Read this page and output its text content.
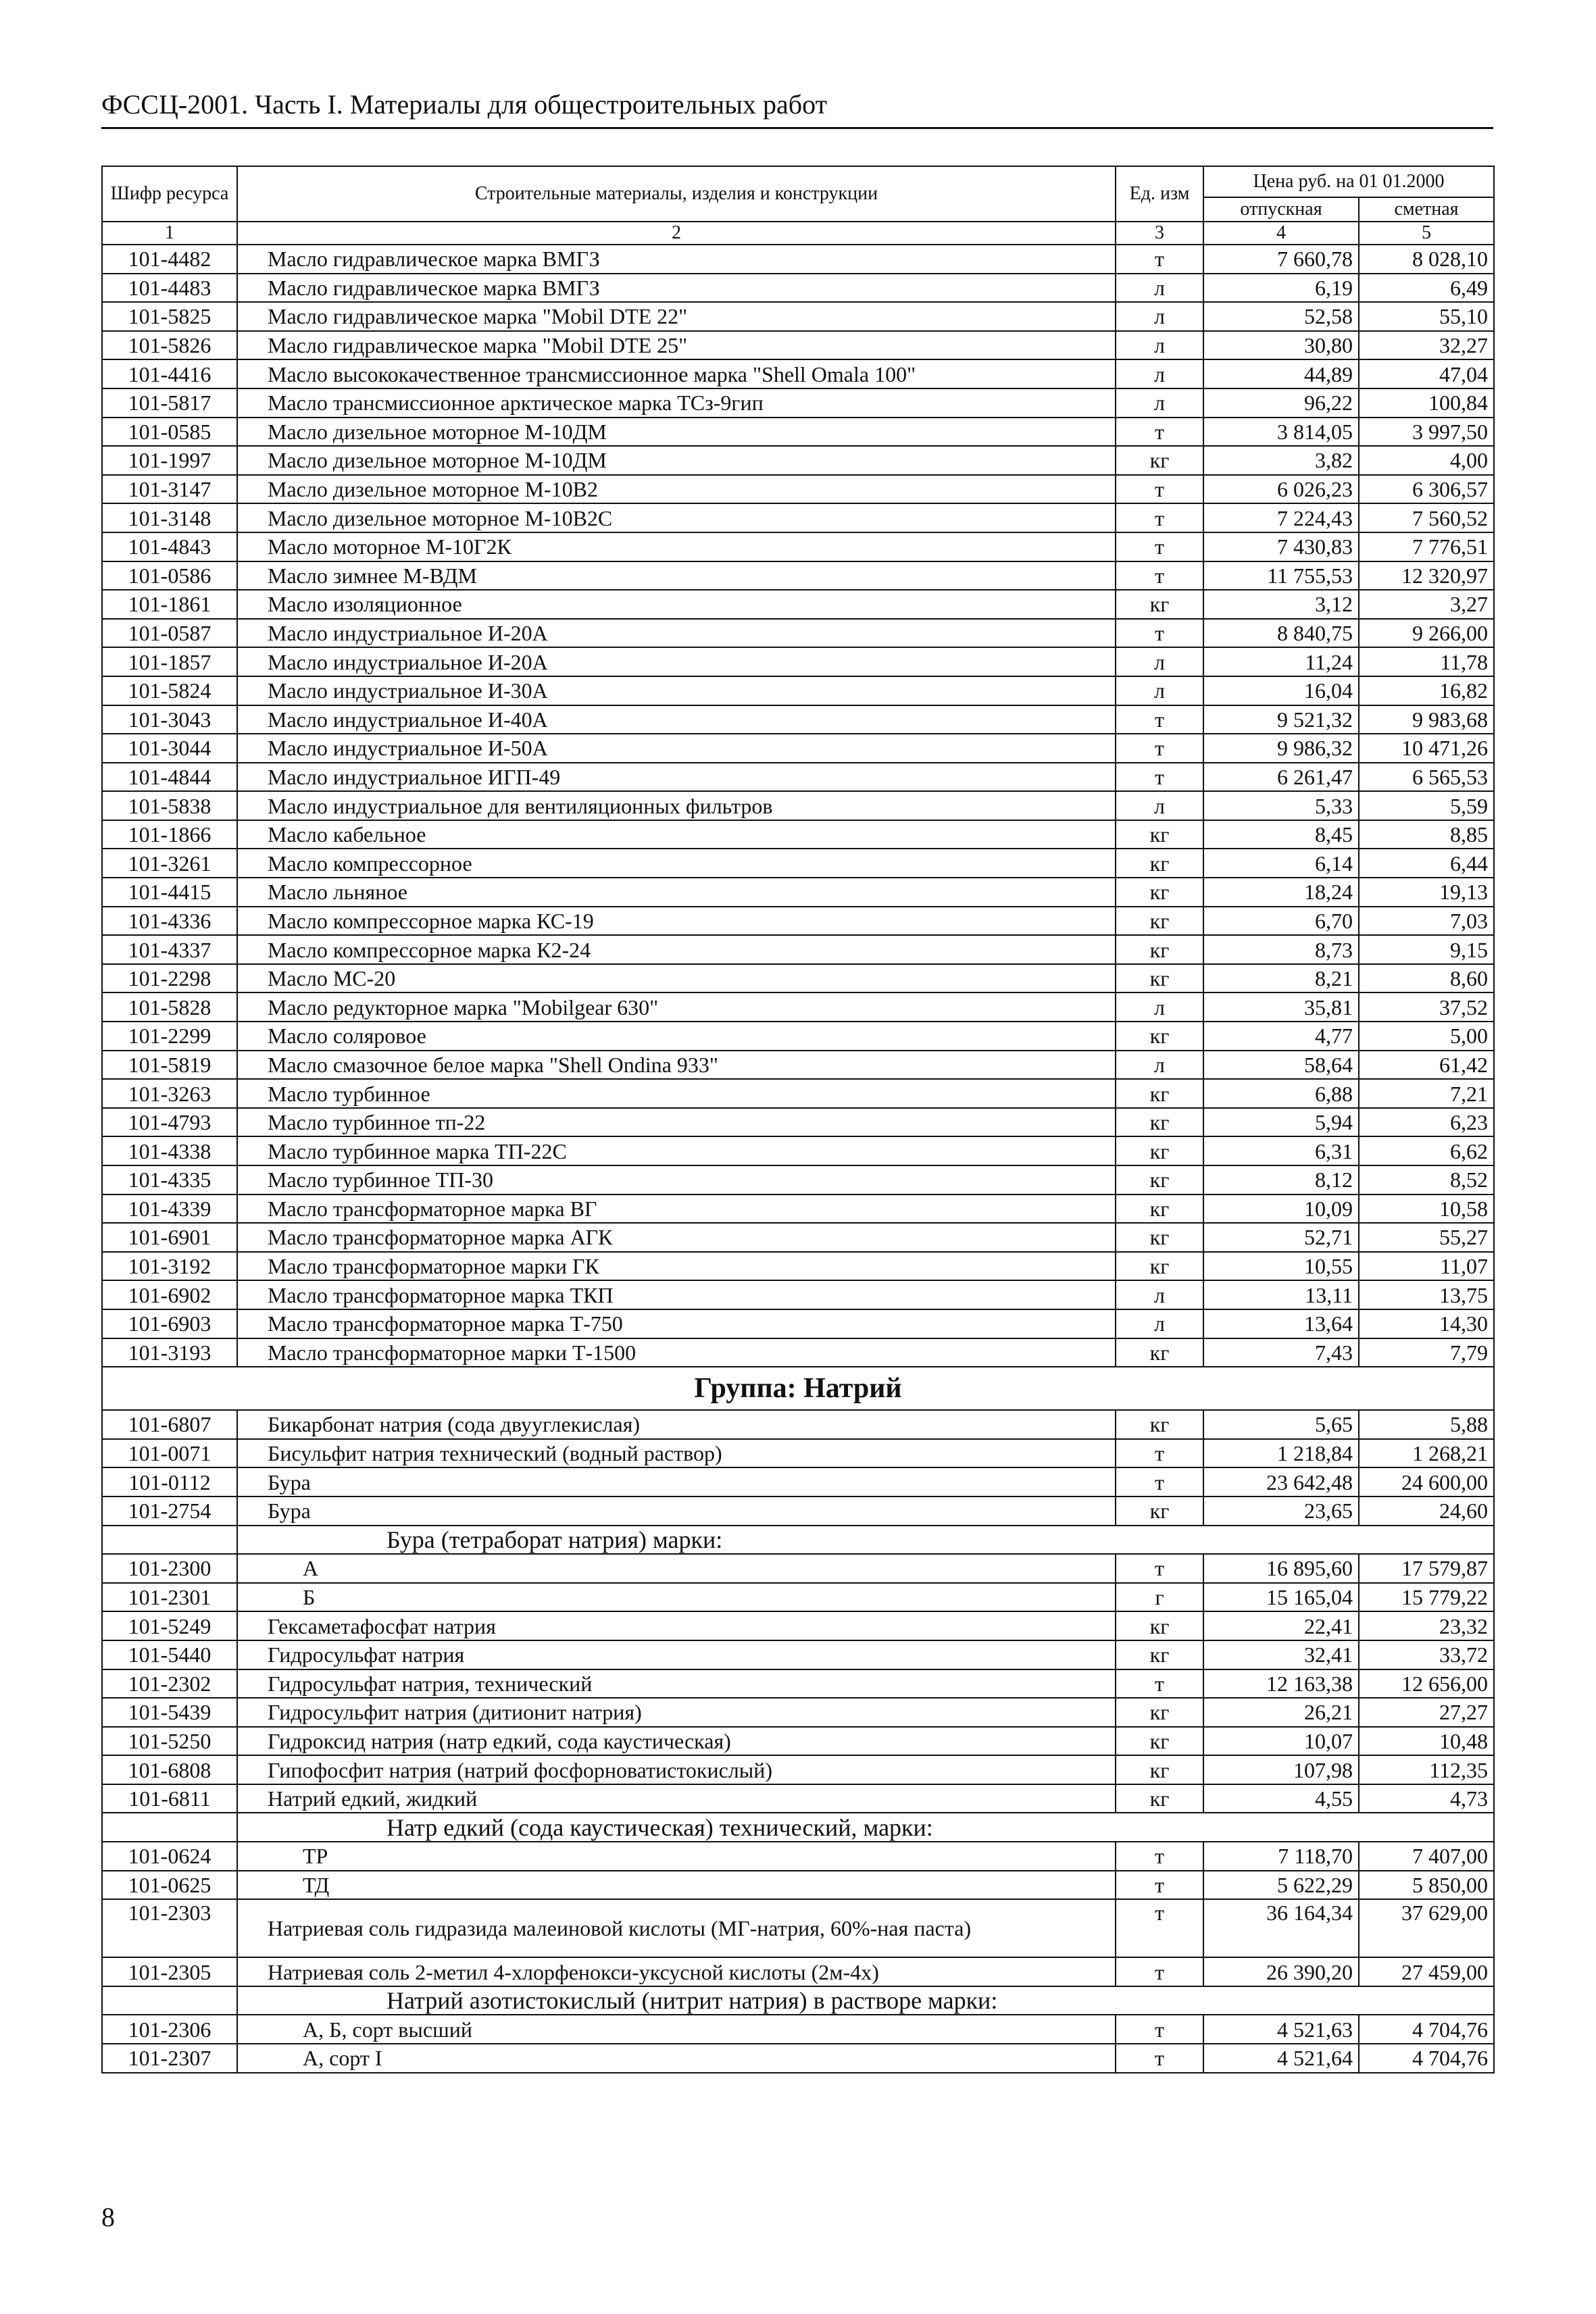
ФССЦ-2001. Часть I. Материалы для общестроительных работ
Шифр ресурса	Строительные материалы, изделия и конструкции	Ед. изм	Цена руб. на 01 01.2000	
			отпускная	сметная
1	2	3	4	5
101-4482	Масло гидравлическое марка ВМГЗ	т	7 660,78	8 028,10
101-4483	Масло гидравлическое марка ВМГЗ	л	6,19	6,49
101-5825	Масло гидравлическое марка "Mobil DTE 22"	л	52,58	55,10
101-5826	Масло гидравлическое марка "Mobil DTE 25"	л	30,80	32,27
101-4416	Масло высококачественное трансмиссионное марка "Shell Omala 100"	л	44,89	47,04
101-5817	Масло трансмиссионное арктическое марка ТСз-9гип	л	96,22	100,84
101-0585	Масло дизельное моторное М-10ДМ	т	3 814,05	3 997,50
101-1997	Масло дизельное моторное М-10ДМ	кг	3,82	4,00
101-3147	Масло дизельное моторное М-10В2	т	6 026,23	6 306,57
101-3148	Масло дизельное моторное М-10В2С	т	7 224,43	7 560,52
101-4843	Масло моторное М-10Г2К	т	7 430,83	7 776,51
101-0586	Масло зимнее М-ВДМ	т	11 755,53	12 320,97
101-1861	Масло изоляционное	кг	3,12	3,27
101-0587	Масло индустриальное И-20А	т	8 840,75	9 266,00
101-1857	Масло индустриальное И-20А	л	11,24	11,78
101-5824	Масло индустриальное И-30А	л	16,04	16,82
101-3043	Масло индустриальное И-40А	т	9 521,32	9 983,68
101-3044	Масло индустриальное И-50А	т	9 986,32	10 471,26
101-4844	Масло индустриальное ИГП-49	т	6 261,47	6 565,53
101-5838	Масло индустриальное для вентиляционных фильтров	л	5,33	5,59
101-1866	Масло кабельное	кг	8,45	8,85
101-3261	Масло компрессорное	кг	6,14	6,44
101-4415	Масло льняное	кг	18,24	19,13
101-4336	Масло компрессорное марка КС-19	кг	6,70	7,03
101-4337	Масло компрессорное марка К2-24	кг	8,73	9,15
101-2298	Масло МС-20	кг	8,21	8,60
101-5828	Масло редукторное марка "Mobilgear 630"	л	35,81	37,52
101-2299	Масло соляровое	кг	4,77	5,00
101-5819	Масло смазочное белое марка "Shell Ondina 933"	л	58,64	61,42
101-3263	Масло турбинное	кг	6,88	7,21
101-4793	Масло турбинное тп-22	кг	5,94	6,23
101-4338	Масло турбинное марка ТП-22С	кг	6,31	6,62
101-4335	Масло турбинное ТП-30	кг	8,12	8,52
101-4339	Масло трансформаторное марка ВГ	кг	10,09	10,58
101-6901	Масло трансформаторное марка АГК	кг	52,71	55,27
101-3192	Масло трансформаторное марки ГК	кг	10,55	11,07
101-6902	Масло трансформаторное марка ТКП	л	13,11	13,75
101-6903	Масло трансформаторное марка Т-750	л	13,64	14,30
101-3193	Масло трансформаторное марки Т-1500	кг	7,43	7,79
Группа: Натрий				
101-6807	Бикарбонат натрия (сода двууглекислая)	кг	5,65	5,88
101-0071	Бисульфит натрия технический (водный раствор)	т	1 218,84	1 268,21
101-0112	Бура	т	23 642,48	24 600,00
101-2754	Бура	кг	23,65	24,60
	Бура (тетраборат натрия) марки:			
101-2300	А	т	16 895,60	17 579,87
101-2301	Б	г	15 165,04	15 779,22
101-5249	Гексаметафосфат натрия	кг	22,41	23,32
101-5440	Гидросульфат натрия	кг	32,41	33,72
101-2302	Гидросульфат натрия, технический	т	12 163,38	12 656,00
101-5439	Гидросульфит натрия (дитионит натрия)	кг	26,21	27,27
101-5250	Гидроксид натрия (натр едкий, сода каустическая)	кг	10,07	10,48
101-6808	Гипофосфит натрия (натрий фосфорноватистокислый)	кг	107,98	112,35
101-6811	Натрий едкий, жидкий	кг	4,55	4,73
	Натр едкий (сода каустическая) технический, марки:			
101-0624	ТР	т	7 118,70	7 407,00
101-0625	ТД	т	5 622,29	5 850,00
101-2303	Натриевая соль гидразида малеиновой кислоты (МГ-натрия, 60%-ная паста)	т	36 164,34	37 629,00
101-2305	Натриевая соль 2-метил 4-хлорфенокси-уксусной кислоты (2м-4х)	т	26 390,20	27 459,00
	Натрий азотистокислый (нитрит натрия) в растворе марки:			
101-2306	А, Б, сорт высший	т	4 521,63	4 704,76
101-2307	А, сорт I	т	4 521,64	4 704,76
8
